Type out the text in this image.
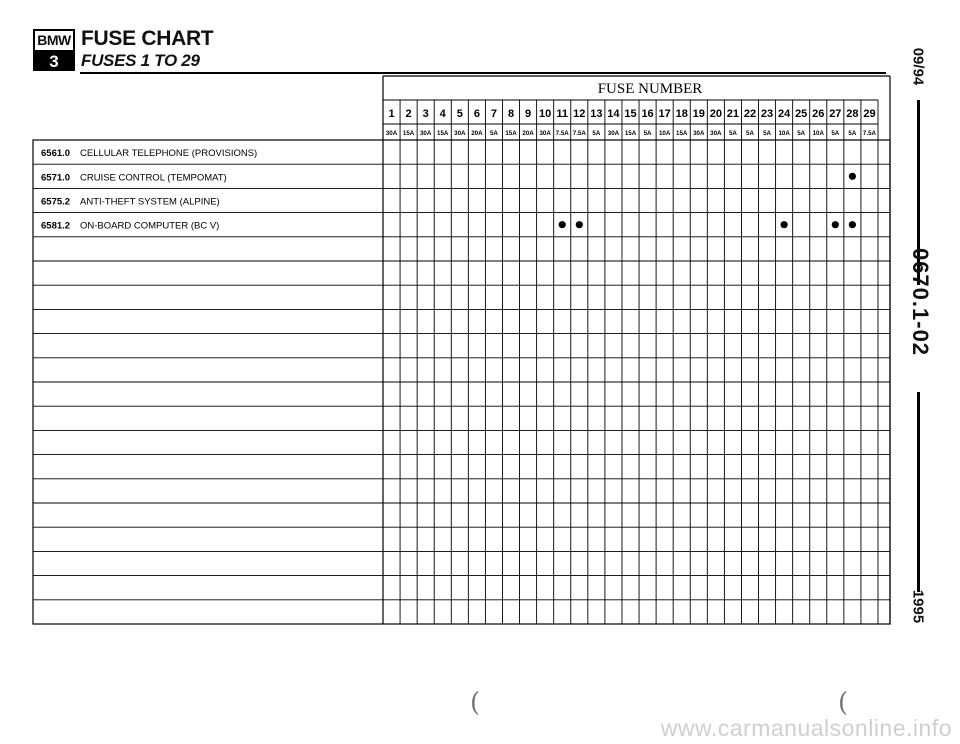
BMW
3
FUSE CHART
FUSES 1 TO 29	09/94
0670.1-02
1995
FUSE NUMBER
1 2 3 4 5 6 7 8 9 10 11 12 13 14 15 16 17 18 19 20 21 22 23 24 25 26 27 28 29
30A 15A 30A 15A 30A 20A 5A 15A 20A 30A 7.5A 7.5A 5A 30A 15A 5A 10A 15A 30A 30A 5A 5A 5A 10A 5A 10A 5A 5A 7.5A
6561.0 CELLULAR TELEPHONE (PROVISIONS)
6571.0 CRUISE CONTROL (TEMPOMAT)
6575.2 ANTI-THEFT SYSTEM (ALPINE)
6581.2 ON-BOARD COMPUTER (BC V)
(	(
www.carmanualsonline.info
